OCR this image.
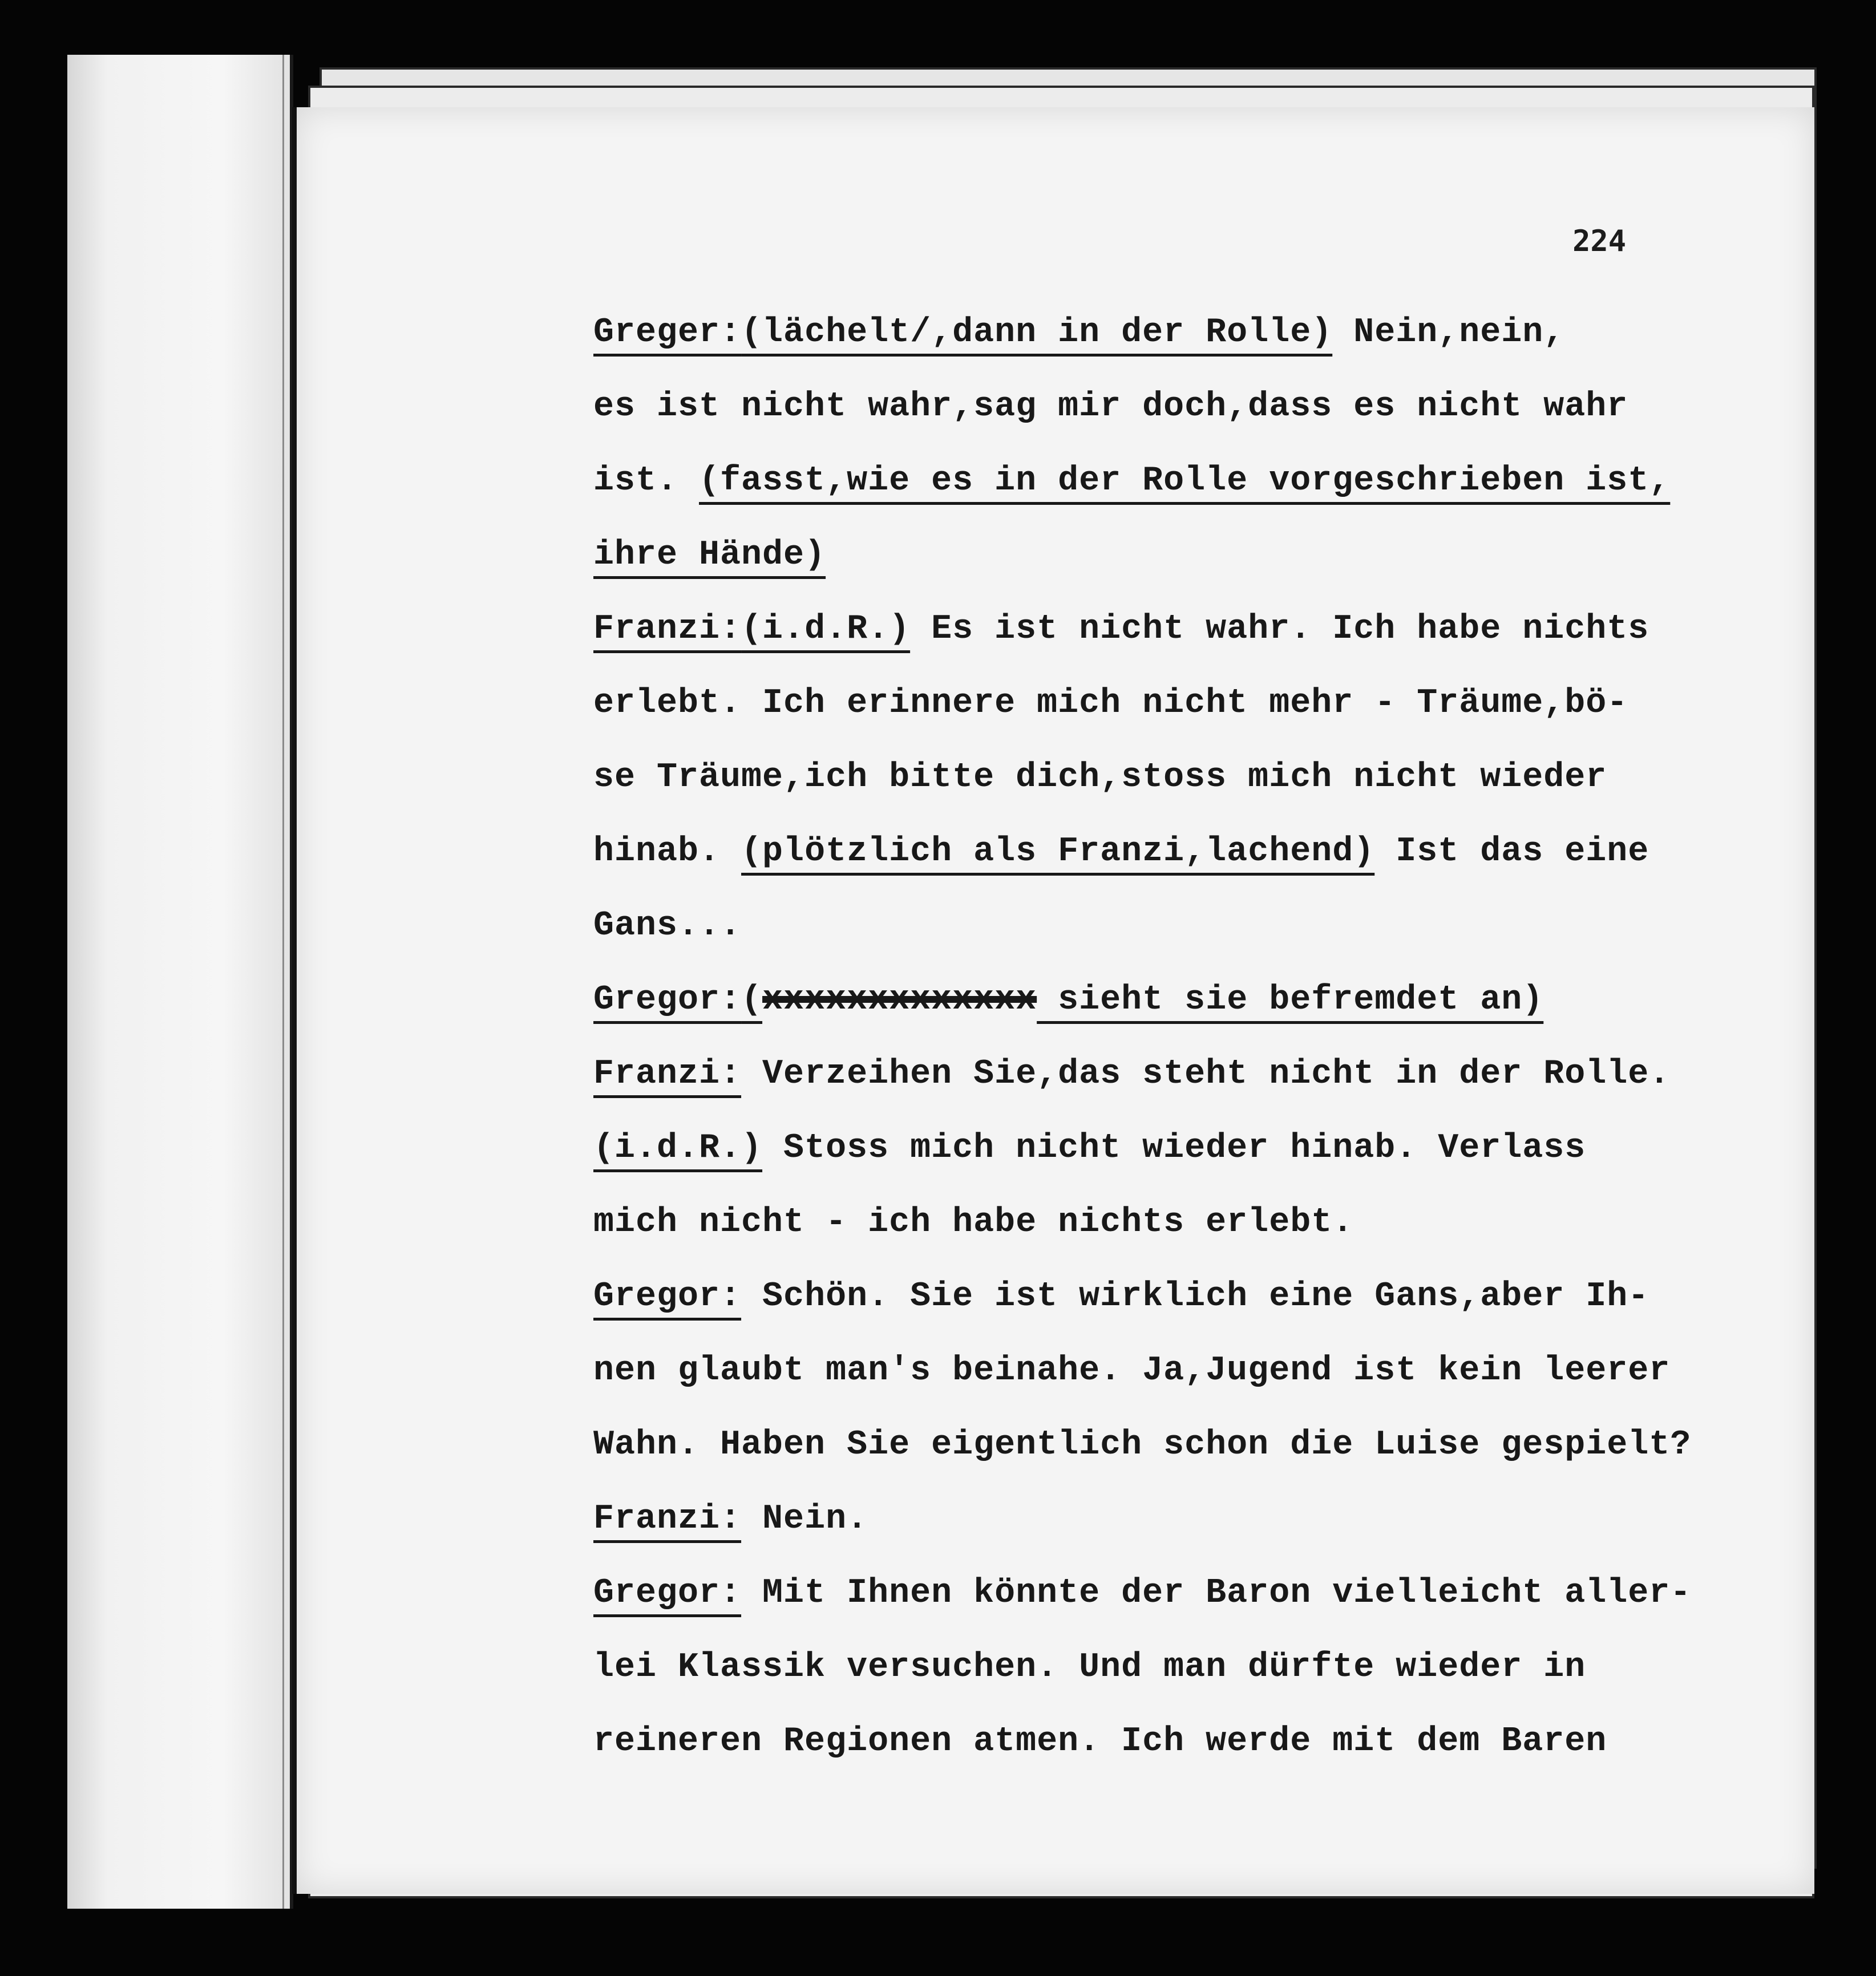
224
Greger:(lächelt/,dann in der Rolle) Nein,nein,
es ist nicht wahr,sag mir doch,dass es nicht wahr
ist. (fasst,wie es in der Rolle vorgeschrieben ist,
ihre Hände)
Franzi:(i.d.R.) Es ist nicht wahr. Ich habe nichts
erlebt. Ich erinnere mich nicht mehr - Träume,bö-
se Träume,ich bitte dich,stoss mich nicht wieder
hinab. (plötzlich als Franzi,lachend) Ist das eine
Gans...
Gregor:(xxxxxxxxxxxxx sieht sie befremdet an)
Franzi: Verzeihen Sie,das steht nicht in der Rolle.
(i.d.R.) Stoss mich nicht wieder hinab. Verlass
mich nicht - ich habe nichts erlebt.
Gregor: Schön. Sie ist wirklich eine Gans,aber Ih-
nen glaubt man's beinahe. Ja,Jugend ist kein leerer
Wahn. Haben Sie eigentlich schon die Luise gespielt?
Franzi: Nein.
Gregor: Mit Ihnen könnte der Baron vielleicht aller-
lei Klassik versuchen. Und man dürfte wieder in
reineren Regionen atmen. Ich werde mit dem Baren
